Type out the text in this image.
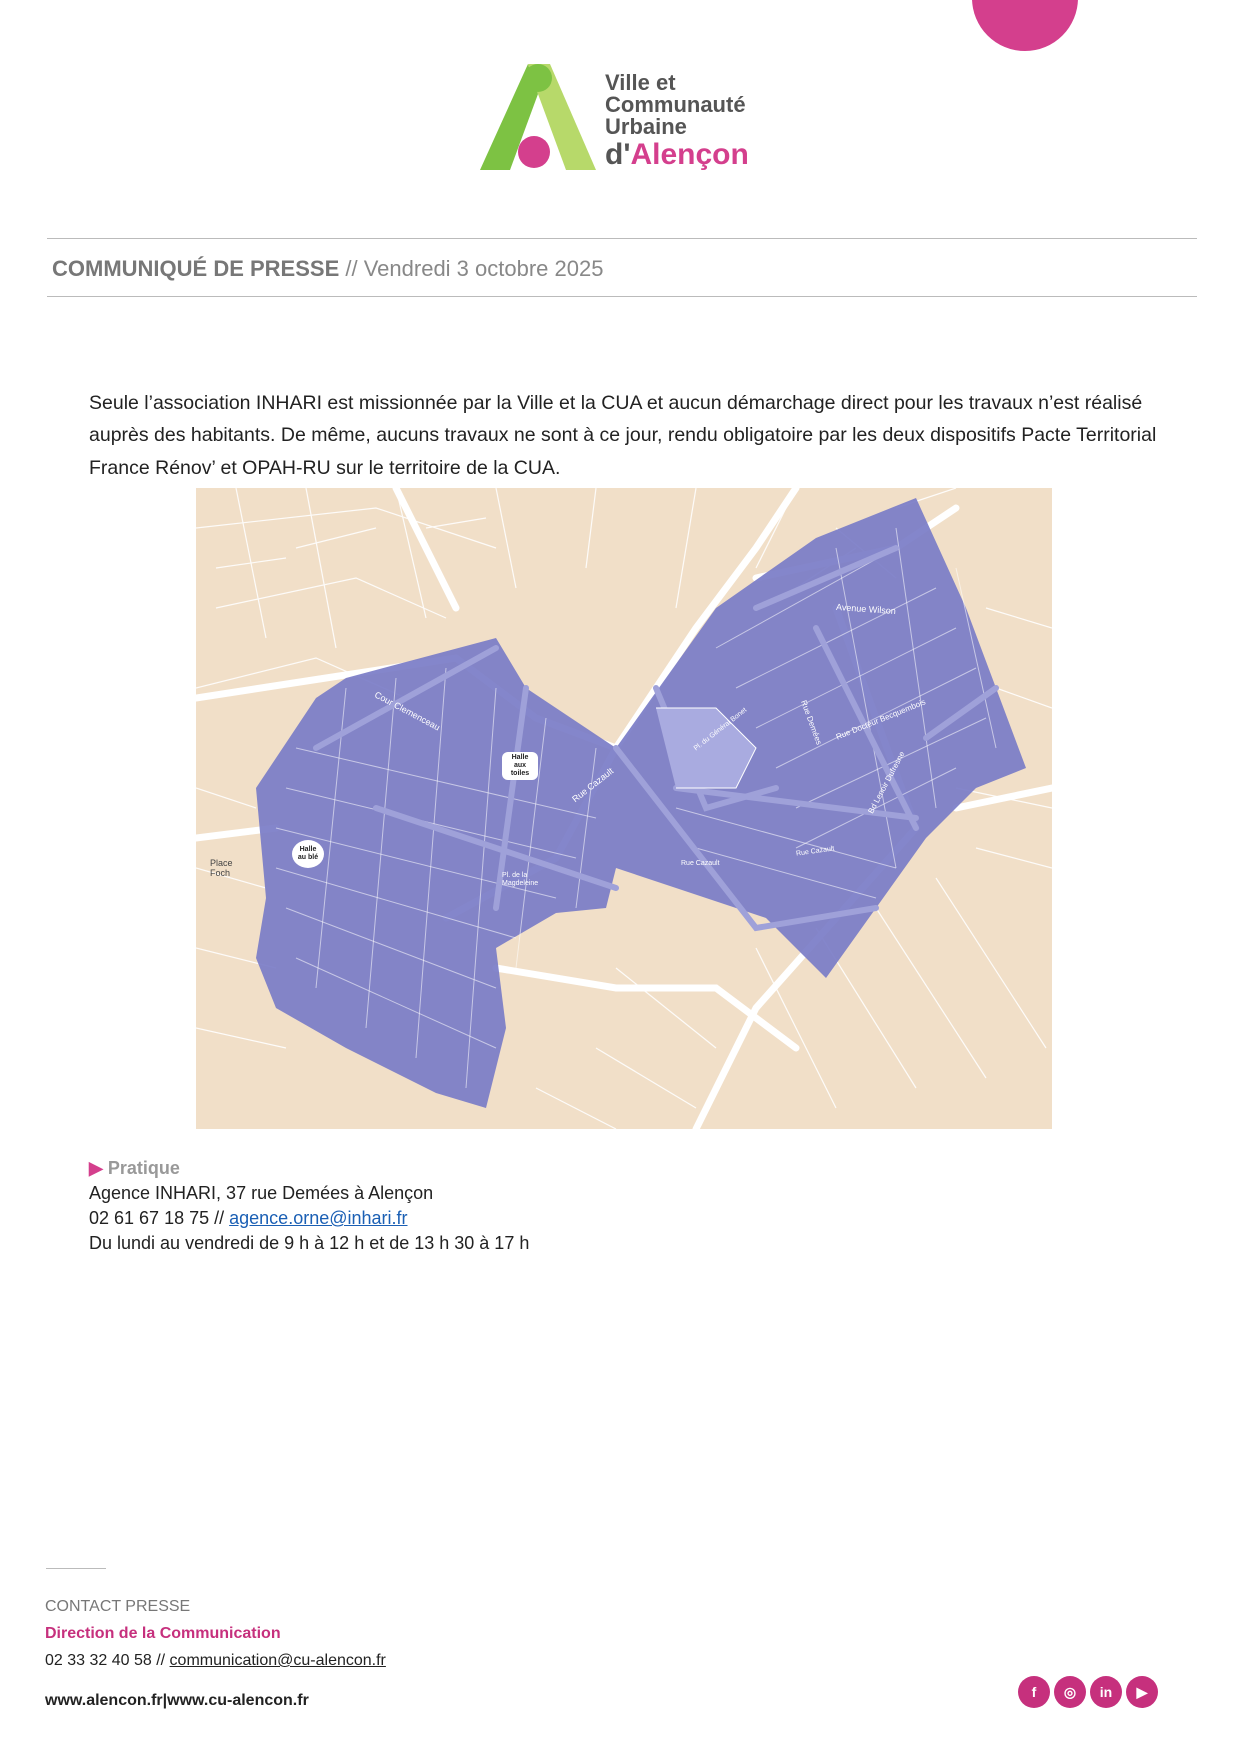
Ville et
Communauté
Urbaine
d'Alençon
COMMUNIQUÉ DE PRESSE // Vendredi 3 octobre 2025

Seule l’association INHARI est missionnée par la Ville et la CUA et aucun démarchage direct pour les travaux n’est réalisé auprès des habitants. De même, aucuns travaux ne sont à ce jour, rendu obligatoire par les deux dispositifs Pacte Territorial France Rénov’ et OPAH-RU sur le territoire de la CUA.

Avenue Wilson
Cour Clemenceau
Rue Cazault
Rue Cazault
Rue Cazault
Rue Demées Rue Docteur Becquembois
Bd Lenoir Dufresne
Pl. du Général Bonet
Halle aux toiles
Halle au blé
Place Foch	Pl. de la Magdeleine
▶ Pratique
Agence INHARI, 37 rue Demées à Alençon
02 61 67 18 75 // agence.orne@inhari.fr
Du lundi au vendredi de 9 h à 12 h et de 13 h 30 à 17 h
CONTACT PRESSE
Direction de la Communication
02 33 32 40 58 // communication@cu-alencon.fr
www.alencon.fr|www.cu-alencon.fr	f	◎	in	▶
